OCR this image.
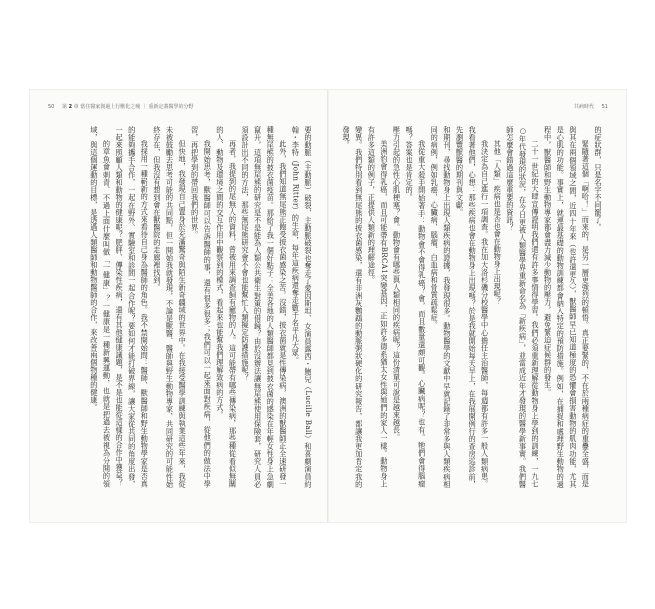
50 第 2 章 當住醫家與過上行獸化之瘦 ｜ 重新定義醫學的分野	共病時代 51

要的動脈（主動脈）破裂，主動脈破裂也奪走了愛因斯坦、女演員露西・鮑兒（Lucille Ball）和喜劇演員約翰・李特（John Ritter）的生命，每年這疾病還奪走數千名平凡大眾。

此外，我們知道無尾熊正飽受披衣菌感染之苦。沒錯，披衣菌就是性傳染病，澳洲的獸醫師正全速研發一種無尾熊的披衣菌疫苗。那給了我一個好點子：全美各地的人類醫師都見到披衣菌的感染在年輕女性身上急劇竄升，這項無尾熊的研究是不是能為人類公共衛生對策的借鏡？由於沒辦法讓無尾熊使用保險套，研究人員必須設計出不同的方法，那些無尾熊研究會不會也能幫忙人類擬定防護措施呢？

再者，我提到的尾無人的資料，曾被用來調查飼有寵物的人。這可能帶有哪些傳染病，那些種從看似無關的人、動物及環境之間的交互作用中觀察到的模式，看起來也能幫我們理解致病的方式。

我開始思考，獸醫師可以告訴醫師的事，還有很多很多；我們可以一起來面對疾病，從他們的做法中學習，再把學到的帶回我們的世界。

但快地，我發現自己置身於充滿驚奇與陌生新奇疆域的世界中。在我接受醫學訓練與執業這些年來，我從未被鼓勵去思考可能的共同點，但一開始我就發現，不論是獸醫、醫師與野生動物專家，共同研究的可能性始終存在，但我沒有想到會在獸醫院的走廊裡找到。

我採用一種嶄新的方式來看待自己身為醫師的角色。我不禁開始問：醫師、獸醫師和野生動物學家是否真的能夠攜手合作，一起在野外、實驗室和診間一起合作呢？要如何才能打破界線，讓大家從共同的角度出發，一起來照顧人類和動物的健康呢？肥胖、傳染性疾病，還有其他健康議題，是不是也能從這樣的合作中獲益？

的章魚會刺青、不過上面什麼叫做「一健康」？一健康是一種新興運動，也就是把過去被視為分開的領域，與這個運動的目標，是透過人類醫師和動物醫師的合作，來改善兩個物種的健康。	的症狀群，只是名字不同罷了。

緊隨著這個「啊哈！」而來的，是另一層更強烈的頓悟。真正要緊的，不在於兩種病症的重疊全盛，而是與其在兩個領域之間，近四十年來（也許還更久），獸醫師早已知道極度的恐懼會損害動物的肌肉功能，尤其是心肌的功能。事實上，就連最基礎的動物訓練都會納入特定的預防措施。例如，在捕捉和處理野生動物的過程中，獸醫師和野生動物專家都會盡力減少動物的壓力，避免緊迫症候群的發生。

二十一世紀的大肆宣傳證明我們還有許多事情得學習。我們必須重新理解從動物身上學到的訓練，一九七○年代發現的狀況，在今日更被人類醫學界重新命名為「新疾病」，並當成近年才發現的醫學新事實。我們醫師怎麼會錯過這麼重要的資訊？

其他「人類」疾病也是否也會在動物身上出現呢？

我決定為自己進行一項調查。我在加大洛杉磯分校醫學中心擔任主治醫師，每週都有許多一般人類病患。我看著他們，心想：那些疾病也會在動物身上出現嗎？於是我就開始每天早上，在我展開例行的查房巡診前，先瀏覽獸醫的期刊與文獻。

和期刊，尋找動物身上出現人類疾病的證據，我發現很多。動物醫學的文獻中早就記錄了非常多與人類疾病相同的病例，例如乳癌、心臟病、腦瘤、白血病和骨質疏鬆症。

我從重大殺手開始著手：動物會不會得乳癌？會，而且數量還頗可觀。心臟病呢？也有。牠們會得腦瘤嗎？答案也是肯定的。

壓力引起的急性心肌梗塞？會。動物會有哪些與人類相同的疾病呢？這份清單可說是越來越長。

美洲豹會得乳癌，而且可能帶有BRCA1突變基因，正如許多德系猶太女性與她們的家人一樣。動物身上有許多這類的例子，正提供人類新的理解途徑。

變異。我們特別看到無尾熊的披衣菌感染，還有非洲灰鸚鵡的動脈粥狀硬化的研究報告，都讓我更加肯定我的發現。
